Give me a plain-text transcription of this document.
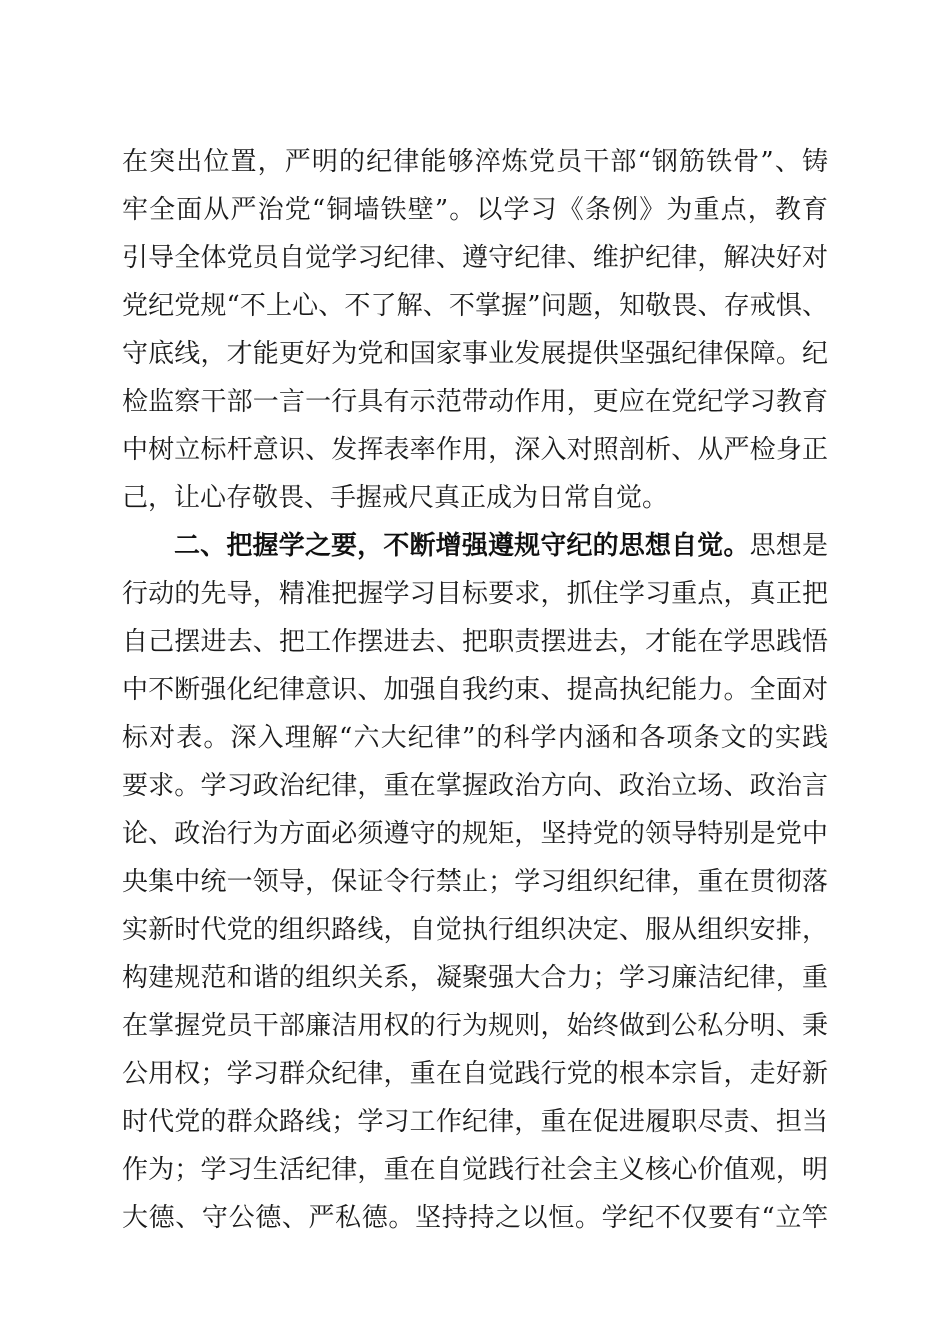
在突出位置，严明的纪律能够淬炼党员干部“钢筋铁骨”、铸
牢全面从严治党“铜墙铁壁”。以学习《条例》为重点，教育
引导全体党员自觉学习纪律、遵守纪律、维护纪律，解决好对
党纪党规“不上心、不了解、不掌握”问题，知敬畏、存戒惧、
守底线，才能更好为党和国家事业发展提供坚强纪律保障。纪
检监察干部一言一行具有示范带动作用，更应在党纪学习教育
中树立标杆意识、发挥表率作用，深入对照剖析、从严检身正
己，让心存敬畏、手握戒尺真正成为日常自觉。
二、把握学之要，不断增强遵规守纪的思想自觉。思想是
行动的先导，精准把握学习目标要求，抓住学习重点，真正把
自己摆进去、把工作摆进去、把职责摆进去，才能在学思践悟
中不断强化纪律意识、加强自我约束、提高执纪能力。全面对
标对表。深入理解“六大纪律”的科学内涵和各项条文的实践
要求。学习政治纪律，重在掌握政治方向、政治立场、政治言
论、政治行为方面必须遵守的规矩，坚持党的领导特别是党中
央集中统一领导，保证令行禁止；学习组织纪律，重在贯彻落
实新时代党的组织路线，自觉执行组织决定、服从组织安排，
构建规范和谐的组织关系，凝聚强大合力；学习廉洁纪律，重
在掌握党员干部廉洁用权的行为规则，始终做到公私分明、秉
公用权；学习群众纪律，重在自觉践行党的根本宗旨，走好新
时代党的群众路线；学习工作纪律，重在促进履职尽责、担当
作为；学习生活纪律，重在自觉践行社会主义核心价值观，明
大德、守公德、严私德。坚持持之以恒。学纪不仅要有“立竿
